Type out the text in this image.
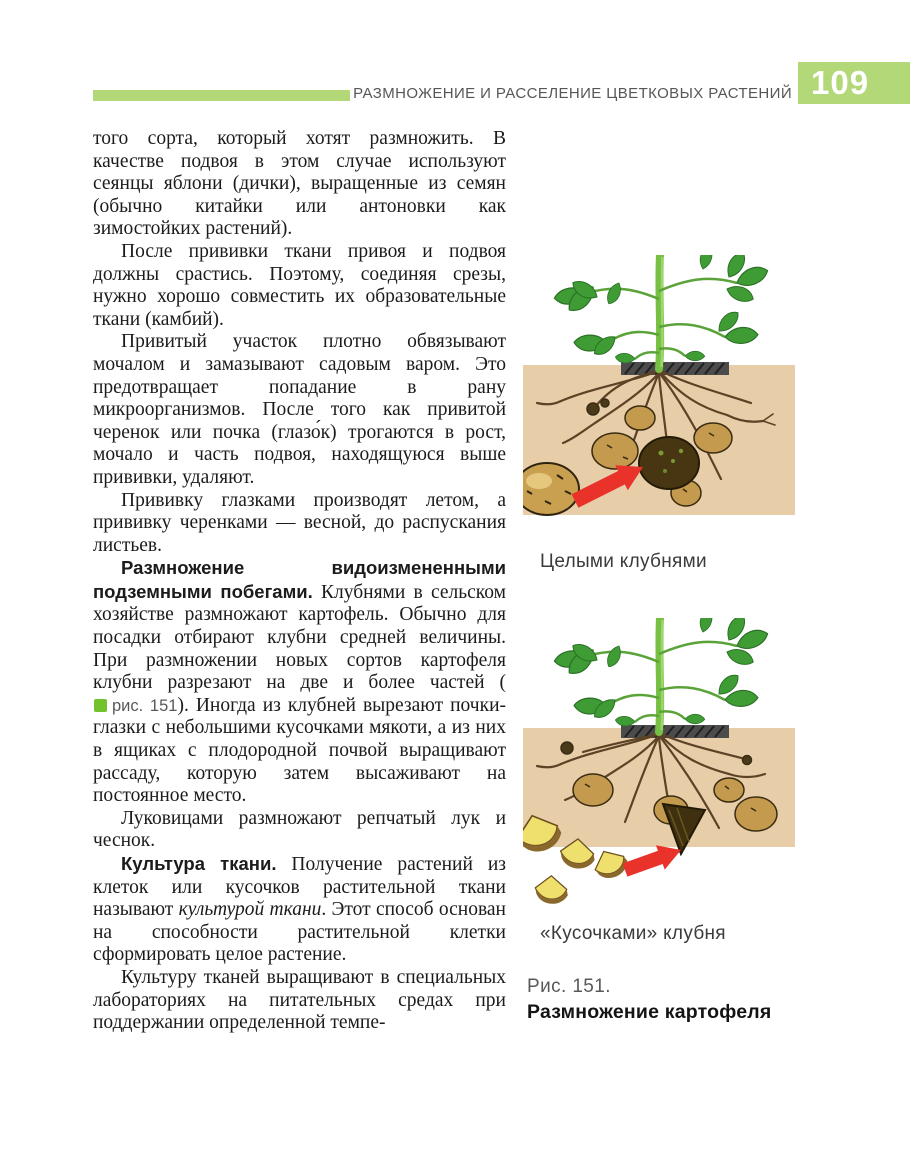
РАЗМНОЖЕНИЕ И РАССЕЛЕНИЕ ЦВЕТКОВЫХ РАСТЕНИЙ 109

того сорта, который хотят размножить. В качестве подвоя в этом случае используют сеянцы яблони (дички), выращенные из семян (обычно китайки или антоновки как зимостойких растений).

После прививки ткани привоя и подвоя должны срастись. Поэтому, соединяя срезы, нужно хорошо совместить их образовательные ткани (камбий).

Привитый участок плотно обвязывают мочалом и замазывают садовым варом. Это предотвращает попадание в рану микроорганизмов. После того как привитой черенок или почка (глазо́к) трогаются в рост, мочало и часть подвоя, находящуюся выше прививки, удаляют.

Прививку глазками производят летом, а прививку черенками — весной, до распускания листьев.

Размножение видоизмененными подземными побегами. Клубнями в сельском хозяйстве размножают картофель. Обычно для посадки отбирают клубни средней величины. При размножении новых сортов картофеля клубни разрезают на две и более частей (рис. 151). Иногда из клубней вырезают почки-глазки с небольшими кусочками мякоти, а из них в ящиках с плодородной почвой выращивают рассаду, которую затем высаживают на постоянное место.

Луковицами размножают репчатый лук и чеснок.

Культура ткани. Получение растений из клеток или кусочков растительной ткани называют культурой ткани. Этот способ основан на способности растительной клетки сформировать целое растение.

Культуру тканей выращивают в специальных лабораториях на питательных средах при поддержании определенной темпе-

Целыми клубнями
«Кусочками» клубня
Рис. 151.
Размножение картофеля
